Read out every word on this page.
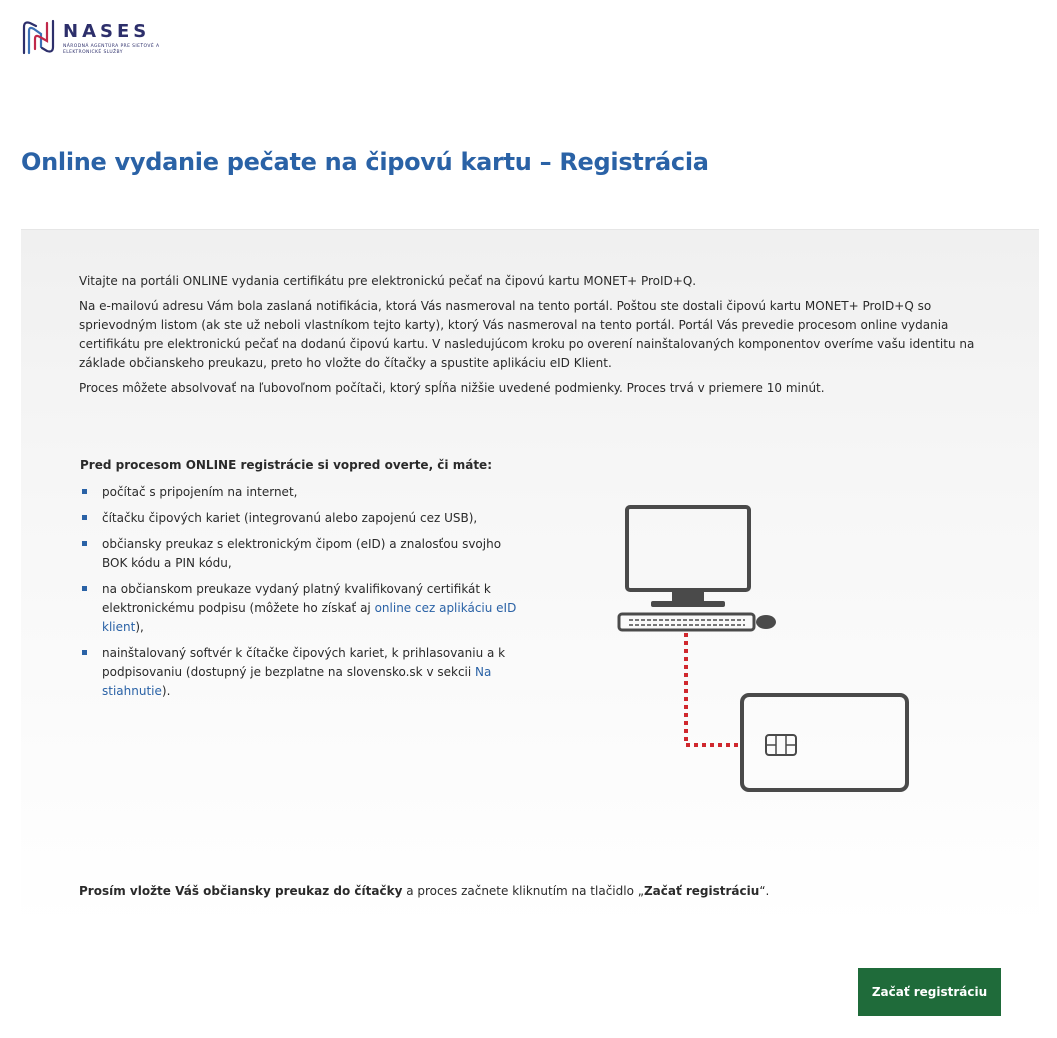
NASES
NÁRODNÁ AGENTÚRA PRE SIEŤOVÉ A ELEKTRONICKÉ SLUŽBY
Online vydanie pečate na čipovú kartu – Registrácia

Vitajte na portáli ONLINE vydania certifikátu pre elektronickú pečať na čipovú kartu MONET+ ProID+Q.

Na e-mailovú adresu Vám bola zaslaná notifikácia, ktorá Vás nasmeroval na tento portál. Poštou ste dostali čipovú kartu MONET+ ProID+Q so sprievodným listom (ak ste už neboli vlastníkom tejto karty), ktorý Vás nasmeroval na tento portál. Portál Vás prevedie procesom online vydania certifikátu pre elektronickú pečať na dodanú čipovú kartu. V nasledujúcom kroku po overení nainštalovaných komponentov overíme vašu identitu na základe občianskeho preukazu, preto ho vložte do čítačky a spustite aplikáciu eID Klient.

Proces môžete absolvovať na ľubovoľnom počítači, ktorý spĺňa nižšie uvedené podmienky. Proces trvá v priemere 10 minút.

Pred procesom ONLINE registrácie si vopred overte, či máte:

počítač s pripojením na internet,
čítačku čipových kariet (integrovanú alebo zapojenú cez USB),
občiansky preukaz s elektronickým čipom (eID) a znalosťou svojho BOK kódu a PIN kódu,
na občianskom preukaze vydaný platný kvalifikovaný certifikát k elektronickému podpisu (môžete ho získať aj online cez aplikáciu eID klient),
nainštalovaný softvér k čítačke čipových kariet, k prihlasovaniu a k podpisovaniu (dostupný je bezplatne na slovensko.sk v sekcii Na stiahnutie).
Prosím vložte Váš občiansky preukaz do čítačky a proces začnete kliknutím na tlačidlo „Začať registráciu“.
Začať registráciu
